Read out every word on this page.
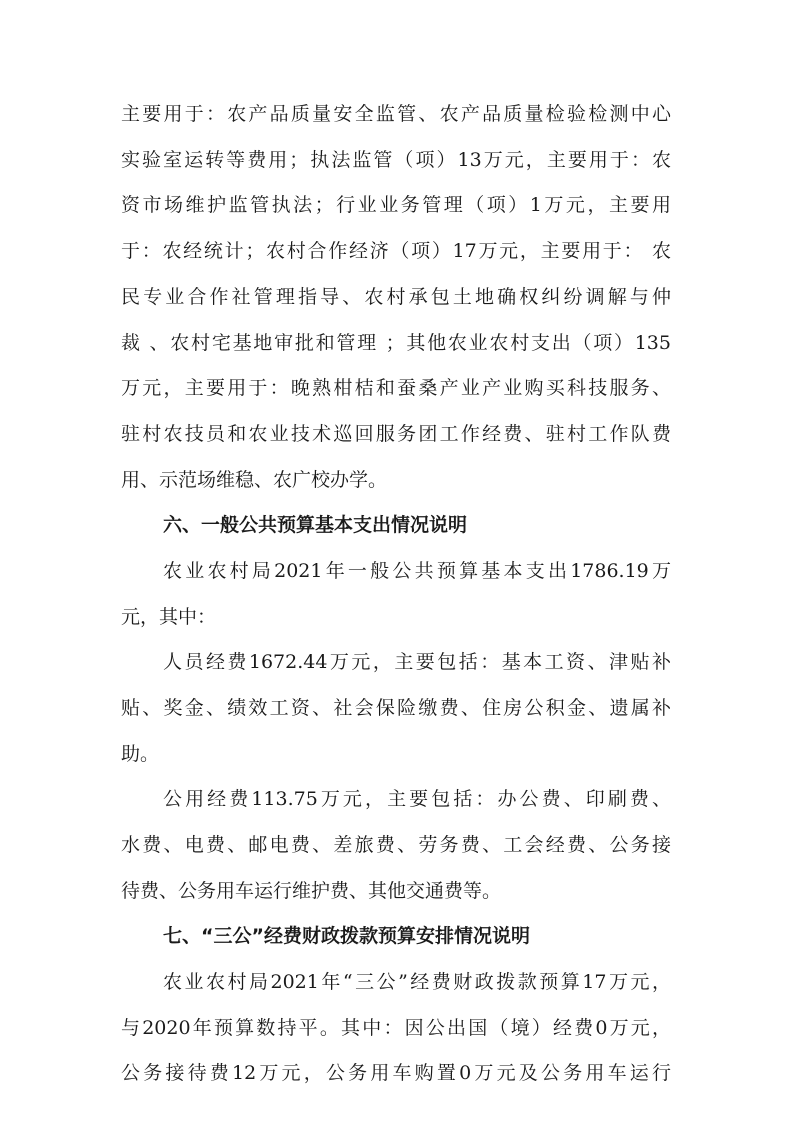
主要用于：农产品质量安全监管、农产品质量检验检测中心
实验室运转等费用；执法监管（项）13万元，主要用于：农
资市场维护监管执法；行业业务管理（项）1万元，主要用
于：农经统计；农村合作经济（项）17万元，主要用于： 农
民专业合作社管理指导、农村承包土地确权纠纷调解与仲
裁 、农村宅基地审批和管理 ；其他农业农村支出（项）135
万元，主要用于：晚熟柑桔和蚕桑产业产业购买科技服务、
驻村农技员和农业技术巡回服务团工作经费、驻村工作队费
用、示范场维稳、农广校办学。
六、一般公共预算基本支出情况说明
农业农村局2021年一般公共预算基本支出1786.19万
元，其中：
人员经费1672.44万元，主要包括：基本工资、津贴补
贴、奖金、绩效工资、社会保险缴费、住房公积金、遗属补
助。
公用经费113.75万元，主要包括：办公费、印刷费、
水费、电费、邮电费、差旅费、劳务费、工会经费、公务接
待费、公务用车运行维护费、其他交通费等。
七、“三公”经费财政拨款预算安排情况说明
农业农村局2021年“三公”经费财政拨款预算17万元，
与2020年预算数持平。其中：因公出国（境）经费0万元，
公务接待费12万元，公务用车购置0万元及公务用车运行
